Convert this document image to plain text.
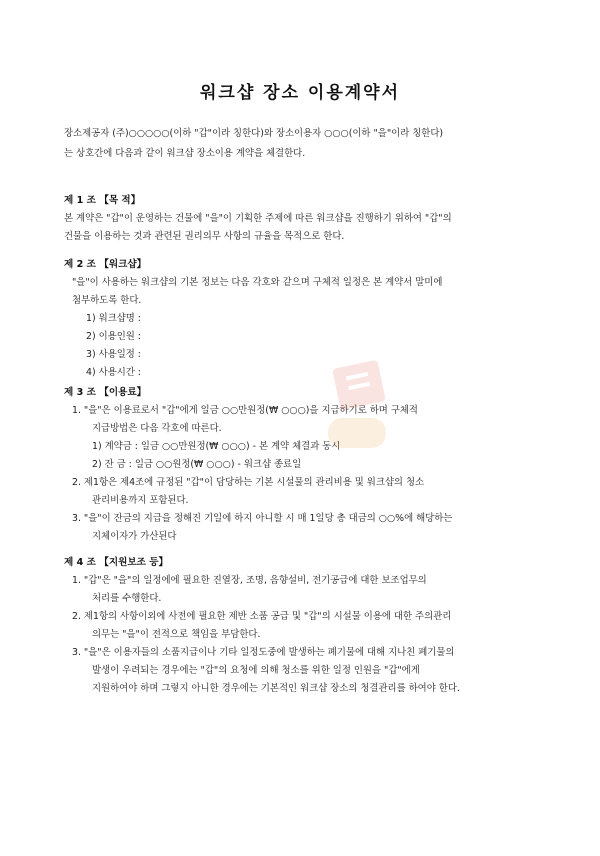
워크샵 장소 이용계약서
장소제공자 (주)○○○○○(이하 "갑"이라 칭한다)와 장소이용자 ○○○(이하 "을"이라 칭한다)
는 상호간에 다음과 같이 워크샵 장소이용 계약을 체결한다.
제 1 조 【목 적】
본 계약은 "갑"이 운영하는 건물에 "을"이 기획한 주제에 따른 워크샵을 진행하기 위하여 "갑"의
건물을 이용하는 것과 관련된 권리의무 사항의 규율을 목적으로 한다.
제 2 조 【워크샵】
"을"이 사용하는 워크샵의 기본 정보는 다음 각호와 같으며 구체적 일정은 본 계약서 말미에
첨부하도록 한다.
1) 워크샵명 :
2) 이용인원 :
3) 사용일정 :
4) 사용시간 :
제 3 조 【이용료】
1. "을"은 이용료로서 "갑"에게 일금 ○○만원정(₩ ○○○)을 지급하기로 하며 구체적
지급방법은 다음 각호에 따른다.
1) 계약금 : 일금 ○○만원정(₩ ○○○) - 본 계약 체결과 동시
2) 잔 금 : 일금 ○○원정(₩ ○○○) - 워크샵 종료일
2. 제1항은 제4조에 규정된 "갑"이 담당하는 기본 시설물의 관리비용 및 워크샵의 청소
관리비용까지 포함된다.
3. "을"이 잔금의 지급을 정해진 기일에 하지 아니할 시 매 1일당 총 대금의 ○○%에 해당하는
지체이자가 가산된다
제 4 조 【지원보조 등】
1. "갑"은 "을"의 일정에에 필요한 진열장, 조명, 음향설비, 전기공급에 대한 보조업무의
처리를 수행한다.
2. 제1항의 사항이외에 사전에 필요한 제반 소품 공급 및 "갑"의 시설물 이용에 대한 주의관리
의무는 "을"이 전적으로 책임을 부담한다.
3. "을"은 이용자들의 소품지급이나 기타 일정도중에 발생하는 폐기물에 대해 지나친 폐기물의
발생이 우려되는 경우에는 "갑"의 요청에 의해 청소를 위한 일정 인원을 "갑"에게
지원하여야 하며 그렇지 아니한 경우에는 기본적인 워크샵 장소의 청결관리를 하여야 한다.
